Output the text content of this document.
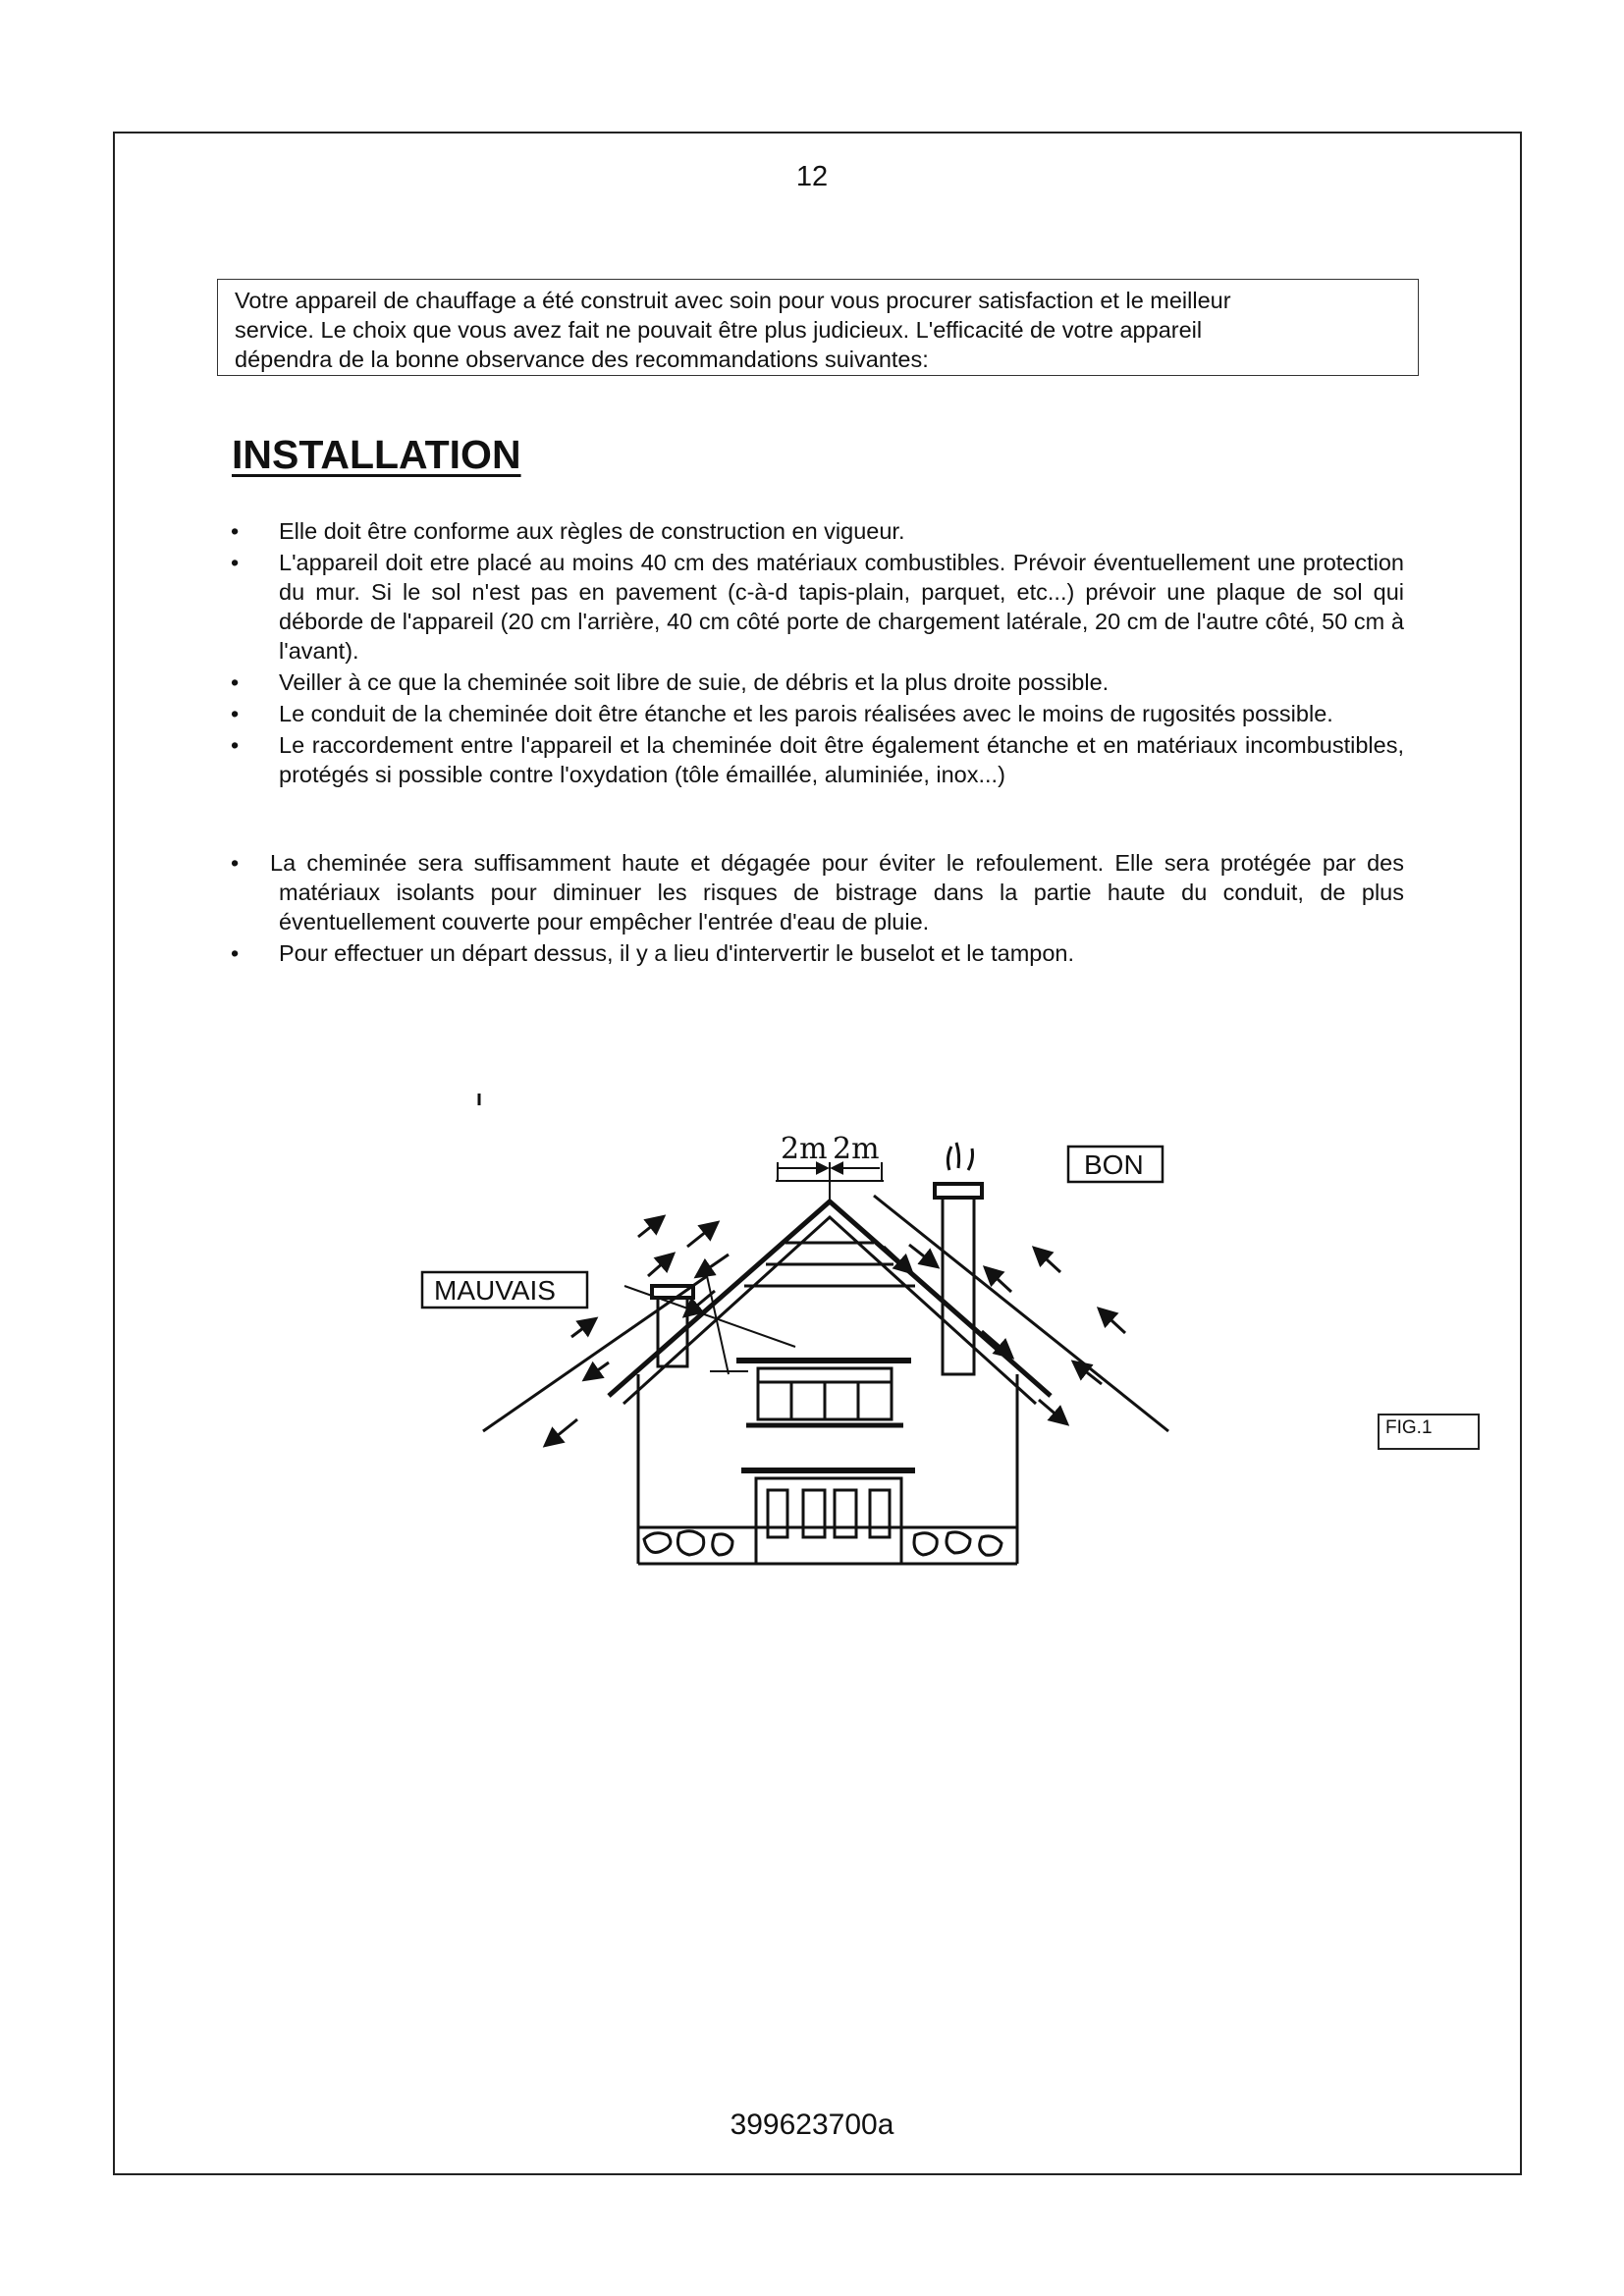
12
Votre appareil de chauffage a été construit avec soin pour vous procurer satisfaction et le meilleur
service. Le choix que vous avez fait ne pouvait être plus judicieux. L'efficacité de votre appareil
dépendra de la bonne observance des recommandations suivantes:
INSTALLATION
• Elle doit être conforme aux règles de construction en vigueur.
• L'appareil doit etre placé au moins 40 cm des matériaux combustibles. Prévoir éventuellement une protection du mur. Si le sol n'est pas en pavement (c-à-d tapis-plain, parquet, etc...) prévoir une plaque de sol qui déborde de l'appareil (20 cm l'arrière, 40 cm côté porte de chargement latérale, 20 cm de l'autre côté, 50 cm à l'avant).
• Veiller à ce que la cheminée soit libre de suie, de débris et la plus droite possible.
• Le conduit de la cheminée doit être étanche et les parois réalisées avec le moins de rugosités possible.
• Le raccordement entre l'appareil et la cheminée doit être également étanche et en matériaux incombustibles, protégés si possible contre l'oxydation (tôle émaillée, aluminiée, inox...)
• La cheminée sera suffisamment haute et dégagée pour éviter le refoulement. Elle sera protégée par des matériaux isolants pour diminuer les risques de bistrage dans la partie haute du conduit, de plus éventuellement couverte pour empêcher l'entrée d'eau de pluie.
• Pour effectuer un départ dessus, il y a lieu d'intervertir le buselot et le tampon.
2m 2m	BON
MAUVAIS
FIG.1
399623700a
